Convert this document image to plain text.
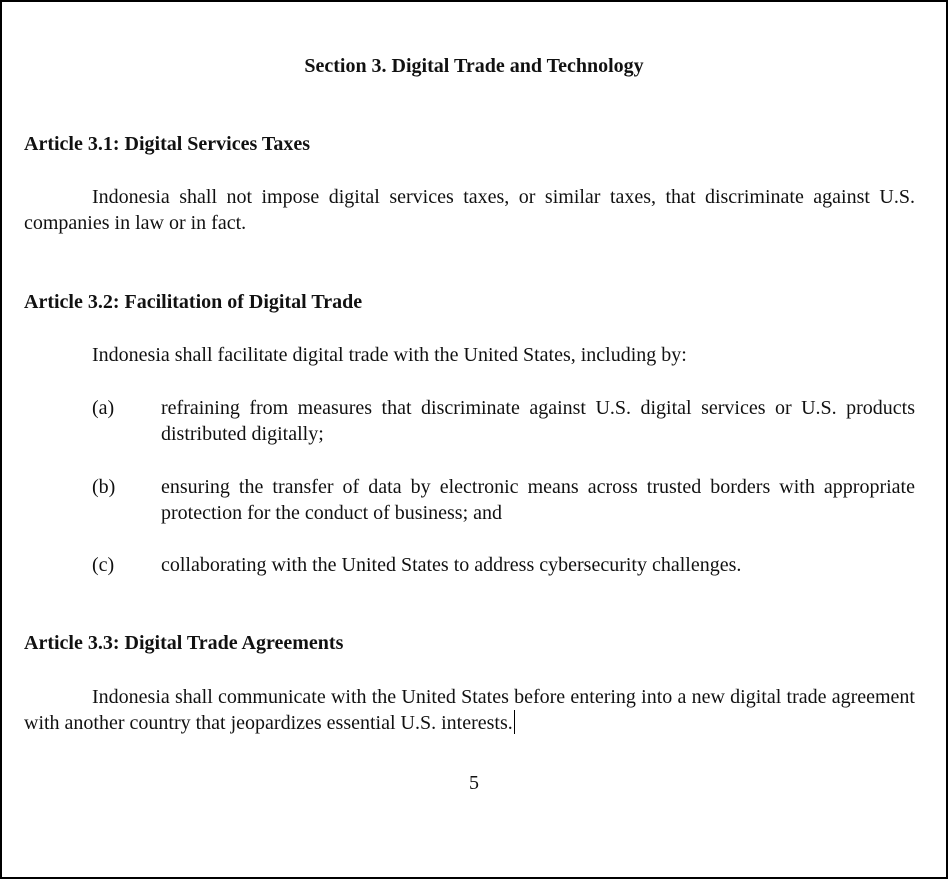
Section 3. Digital Trade and Technology
Article 3.1: Digital Services Taxes
Indonesia shall not impose digital services taxes, or similar taxes, that discriminate against U.S. companies in law or in fact.
Article 3.2: Facilitation of Digital Trade
Indonesia shall facilitate digital trade with the United States, including by:
(a) refraining from measures that discriminate against U.S. digital services or U.S. products distributed digitally;
(b) ensuring the transfer of data by electronic means across trusted borders with appropriate protection for the conduct of business; and
(c) collaborating with the United States to address cybersecurity challenges.
Article 3.3: Digital Trade Agreements
Indonesia shall communicate with the United States before entering into a new digital trade agreement with another country that jeopardizes essential U.S. interests.
5
